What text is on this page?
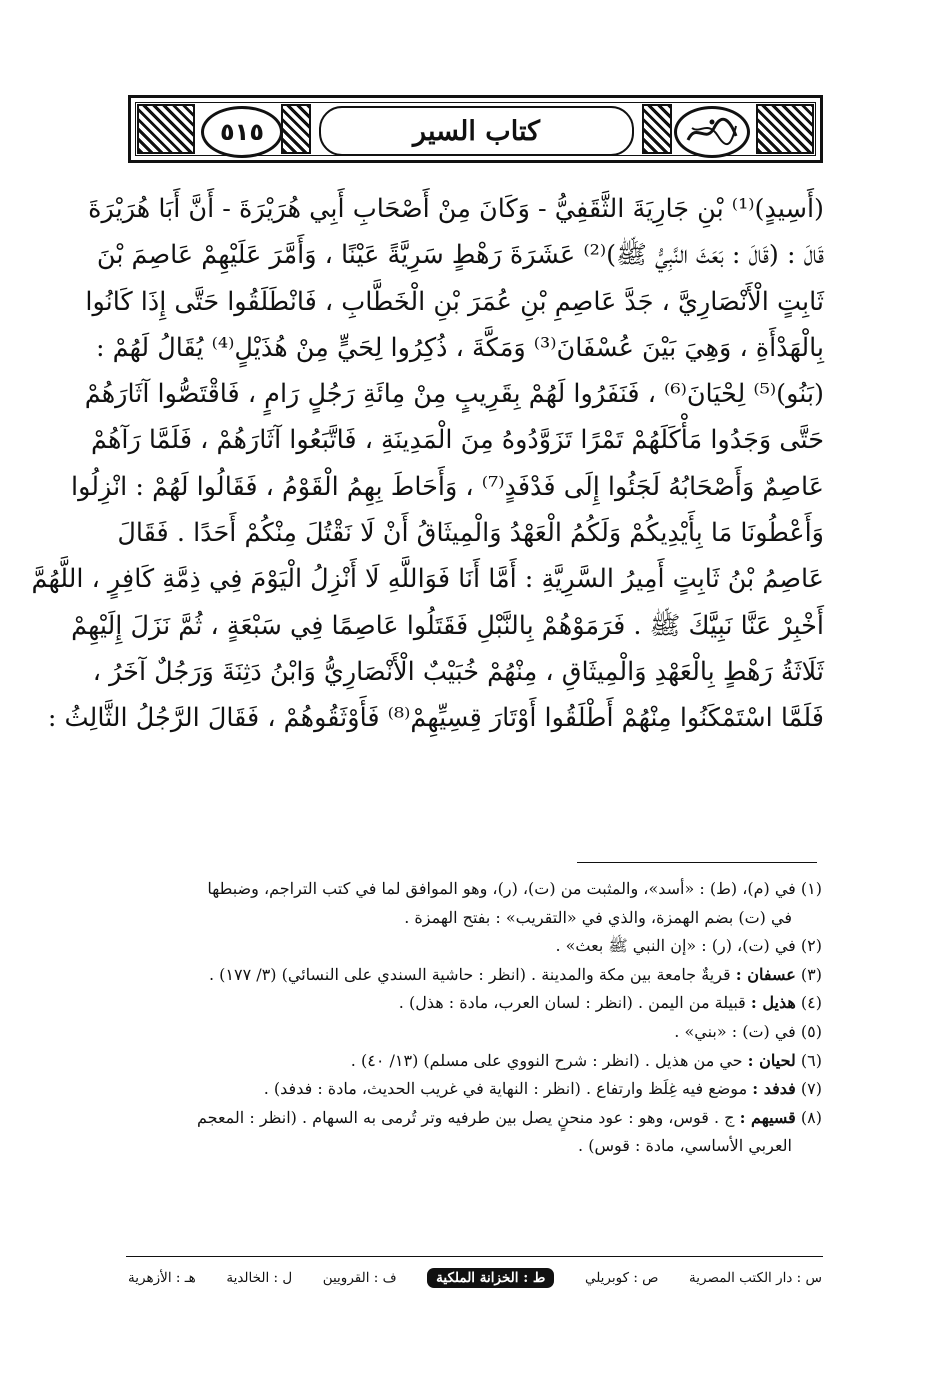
كتاب السير
٥١٥
(أَسِيدٍ)⁽¹⁾ بْنِ جَارِيَةَ الثَّقَفِيُّ - وَكَانَ مِنْ أَصْحَابِ أَبِي هُرَيْرَةَ - أَنَّ أَبَا هُرَيْرَةَ
قَالَ : (قَالَ : بَعَثَ النَّبِيُّ ﷺ)⁽²⁾ عَشَرَةَ رَهْطٍ سَرِيَّةً عَيْنًا ، وَأَمَّرَ عَلَيْهِمْ عَاصِمَ بْنَ
ثَابِتٍ الْأَنْصَارِيَّ ، جَدَّ عَاصِمِ بْنِ عُمَرَ بْنِ الْخَطَّابِ ، فَانْطَلَقُوا حَتَّى إِذَا كَانُوا
بِالْهَدْأَةِ ، وَهِيَ بَيْنَ عُسْفَانَ⁽³⁾ وَمَكَّةَ ، ذُكِرُوا لِحَيٍّ مِنْ هُذَيْلٍ⁽⁴⁾ يُقَالُ لَهُمْ :
(بَنُو)⁽⁵⁾ لِحْيَانَ⁽⁶⁾ ، فَنَفَرُوا لَهُمْ بِقَرِيبٍ مِنْ مِائَةِ رَجُلٍ رَامٍ ، فَاقْتَصُّوا آثَارَهُمْ
حَتَّى وَجَدُوا مَأْكَلَهُمْ تَمْرًا تَزَوَّدُوهُ مِنَ الْمَدِينَةِ ، فَاتَّبَعُوا آثَارَهُمْ ، فَلَمَّا رَآهُمْ
عَاصِمٌ وَأَصْحَابُهُ لَجَئُوا إِلَى فَدْفَدٍ⁽⁷⁾ ، وَأَحَاطَ بِهِمُ الْقَوْمُ ، فَقَالُوا لَهُمْ : انْزِلُوا
وَأَعْطُونَا مَا بِأَيْدِيكُمْ وَلَكُمُ الْعَهْدُ وَالْمِيثَاقُ أَنْ لَا نَقْتُلَ مِنْكُمْ أَحَدًا . فَقَالَ
عَاصِمُ بْنُ ثَابِتٍ أَمِيرُ السَّرِيَّةِ : أَمَّا أَنَا فَوَاللَّهِ لَا أَنْزِلُ الْيَوْمَ فِي ذِمَّةِ كَافِرٍ ، اللَّهُمَّ
أَخْبِرْ عَنَّا نَبِيَّكَ ﷺ . فَرَمَوْهُمْ بِالنَّبْلِ فَقَتَلُوا عَاصِمًا فِي سَبْعَةٍ ، ثُمَّ نَزَلَ إِلَيْهِمْ
ثَلَاثَةُ رَهْطٍ بِالْعَهْدِ وَالْمِيثَاقِ ، مِنْهُمْ خُبَيْبٌ الْأَنْصَارِيُّ وَابْنُ دَثِنَةَ وَرَجُلٌ آخَرُ ،
فَلَمَّا اسْتَمْكَنُوا مِنْهُمْ أَطْلَقُوا أَوْتَارَ قِسِيِّهِمْ⁽⁸⁾ فَأَوْثَقُوهُمْ ، فَقَالَ الرَّجُلُ الثَّالِثُ :
(١) في (م)، (ط) : «أسد»، والمثبت من (ت)، (ر)، وهو الموافق لما في كتب التراجم، وضبطها
في (ت) بضم الهمزة، والذي في «التقريب» : بفتح الهمزة .
(٢) في (ت)، (ر) : «إن النبي ﷺ بعث» .
(٣) عسفان : قريةٌ جامعة بين مكة والمدينة . (انظر : حاشية السندي على النسائي) (٣/ ١٧٧) .
(٤) هذيل : قبيلة من اليمن . (انظر : لسان العرب، مادة : هذل) .
(٥) في (ت) : «بني» .
(٦) لحيان : حي من هذيل . (انظر : شرح النووي على مسلم) (١٣/ ٤٠) .
(٧) فدفد : موضع فيه غِلَظ وارتفاع . (انظر : النهاية في غريب الحديث، مادة : فدفد) .
(٨) قسيهم : ج . قوس، وهو : عود منحنٍ يصل بين طرفيه وتر تُرمى به السهام . (انظر : المعجم
العربي الأساسي، مادة : قوس) .
س : دار الكتب المصرية
ص : كوبريلي
ط : الخزانة الملكية
ف : القرويين
ل : الخالدية
هـ : الأزهرية
